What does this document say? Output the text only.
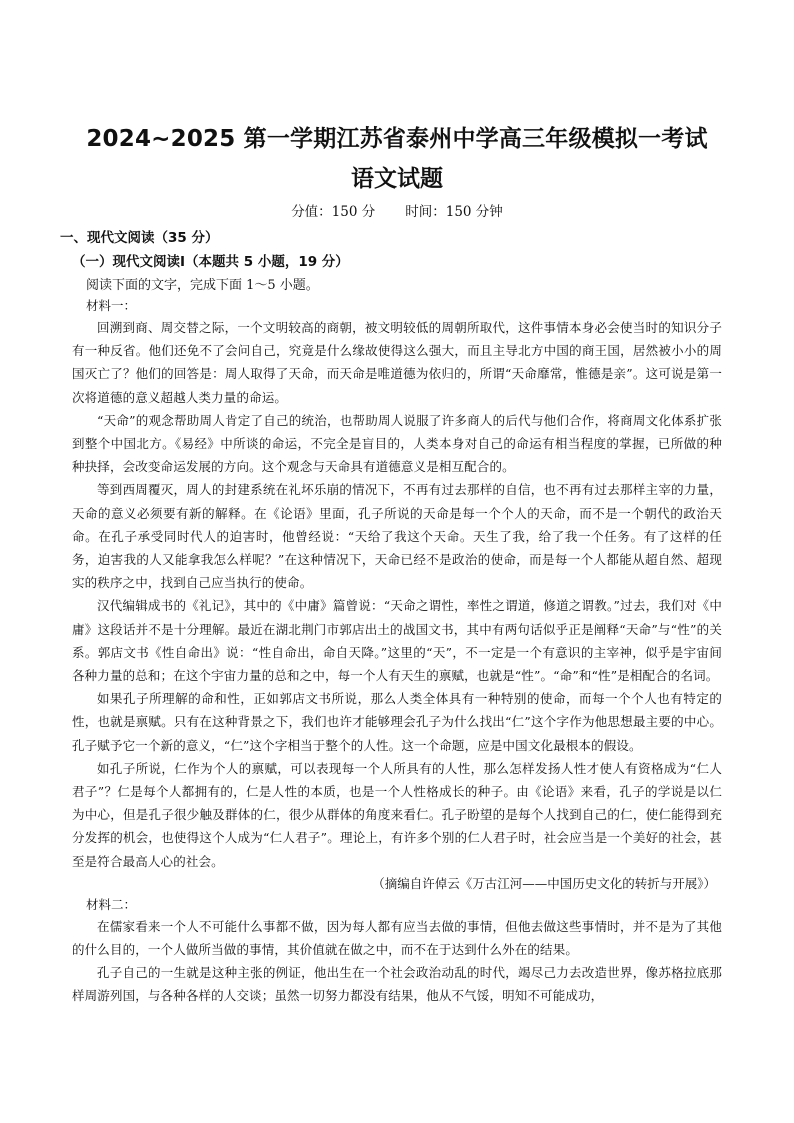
2024~2025 第一学期江苏省泰州中学高三年级模拟一考试
语文试题
分值：150 分 时间：150 分钟
一、现代文阅读（35 分）
（一）现代文阅读Ⅰ（本题共 5 小题，19 分）
阅读下面的文字，完成下面 1～5 小题。
材料一：

回溯到商、周交替之际，一个文明较高的商朝，被文明较低的周朝所取代，这件事情本身必会使当时的知识分子有一种反省。他们还免不了会问自己，究竟是什么缘故使得这么强大，而且主导北方中国的商王国，居然被小小的周国灭亡了？他们的回答是：周人取得了天命，而天命是唯道德为依归的，所谓“天命靡常，惟德是亲”。这可说是第一次将道德的意义超越人类力量的命运。

“天命”的观念帮助周人肯定了自己的统治，也帮助周人说服了许多商人的后代与他们合作，将商周文化体系扩张到整个中国北方。《易经》中所谈的命运，不完全是盲目的，人类本身对自己的命运有相当程度的掌握，已所做的种种抉择，会改变命运发展的方向。这个观念与天命具有道德意义是相互配合的。

等到西周覆灭，周人的封建系统在礼坏乐崩的情况下，不再有过去那样的自信，也不再有过去那样主宰的力量，天命的意义必须要有新的解释。在《论语》里面，孔子所说的天命是每一个个人的天命，而不是一个朝代的政治天命。在孔子承受同时代人的迫害时，他曾经说：“天给了我这个天命。天生了我，给了我一个任务。有了这样的任务，迫害我的人又能拿我怎么样呢？”在这种情况下，天命已经不是政治的使命，而是每一个人都能从超自然、超现实的秩序之中，找到自己应当执行的使命。

汉代编辑成书的《礼记》，其中的《中庸》篇曾说：“天命之谓性，率性之谓道，修道之谓教。”过去，我们对《中庸》这段话并不是十分理解。最近在湖北荆门市郭店出土的战国文书，其中有两句话似乎正是阐释“天命”与“性”的关系。郭店文书《性自命出》说：“性自命出，命自天降。”这里的“天”，不一定是一个有意识的主宰神，似乎是宇宙间各种力量的总和；在这个宇宙力量的总和之中，每一个人有天生的禀赋，也就是“性”。“命”和“性”是相配合的名词。

如果孔子所理解的命和性，正如郭店文书所说，那么人类全体具有一种特别的使命，而每一个个人也有特定的性，也就是禀赋。只有在这种背景之下，我们也许才能够理会孔子为什么找出“仁”这个字作为他思想最主要的中心。孔子赋予它一个新的意义，“仁”这个字相当于整个的人性。这一个命题，应是中国文化最根本的假设。

如孔子所说，仁作为个人的禀赋，可以表现每一个人所具有的人性，那么怎样发扬人性才使人有资格成为“仁人君子”？仁是每个人都拥有的，仁是人性的本质，也是一个人性格成长的种子。由《论语》来看，孔子的学说是以仁为中心，但是孔子很少触及群体的仁，很少从群体的角度来看仁。孔子盼望的是每个人找到自己的仁，使仁能得到充分发挥的机会，也使得这个人成为“仁人君子”。理论上，有许多个别的仁人君子时，社会应当是一个美好的社会，甚至是符合最高人心的社会。

（摘编自许倬云《万古江河——中国历史文化的转折与开展》）
材料二：

在儒家看来一个人不可能什么事都不做，因为每人都有应当去做的事情，但他去做这些事情时，并不是为了其他的什么目的，一个人做所当做的事情，其价值就在做之中，而不在于达到什么外在的结果。

孔子自己的一生就是这种主张的例证，他出生在一个社会政治动乱的时代，竭尽己力去改造世界，像苏格拉底那样周游列国，与各种各样的人交谈；虽然一切努力都没有结果，他从不气馁，明知不可能成功，
